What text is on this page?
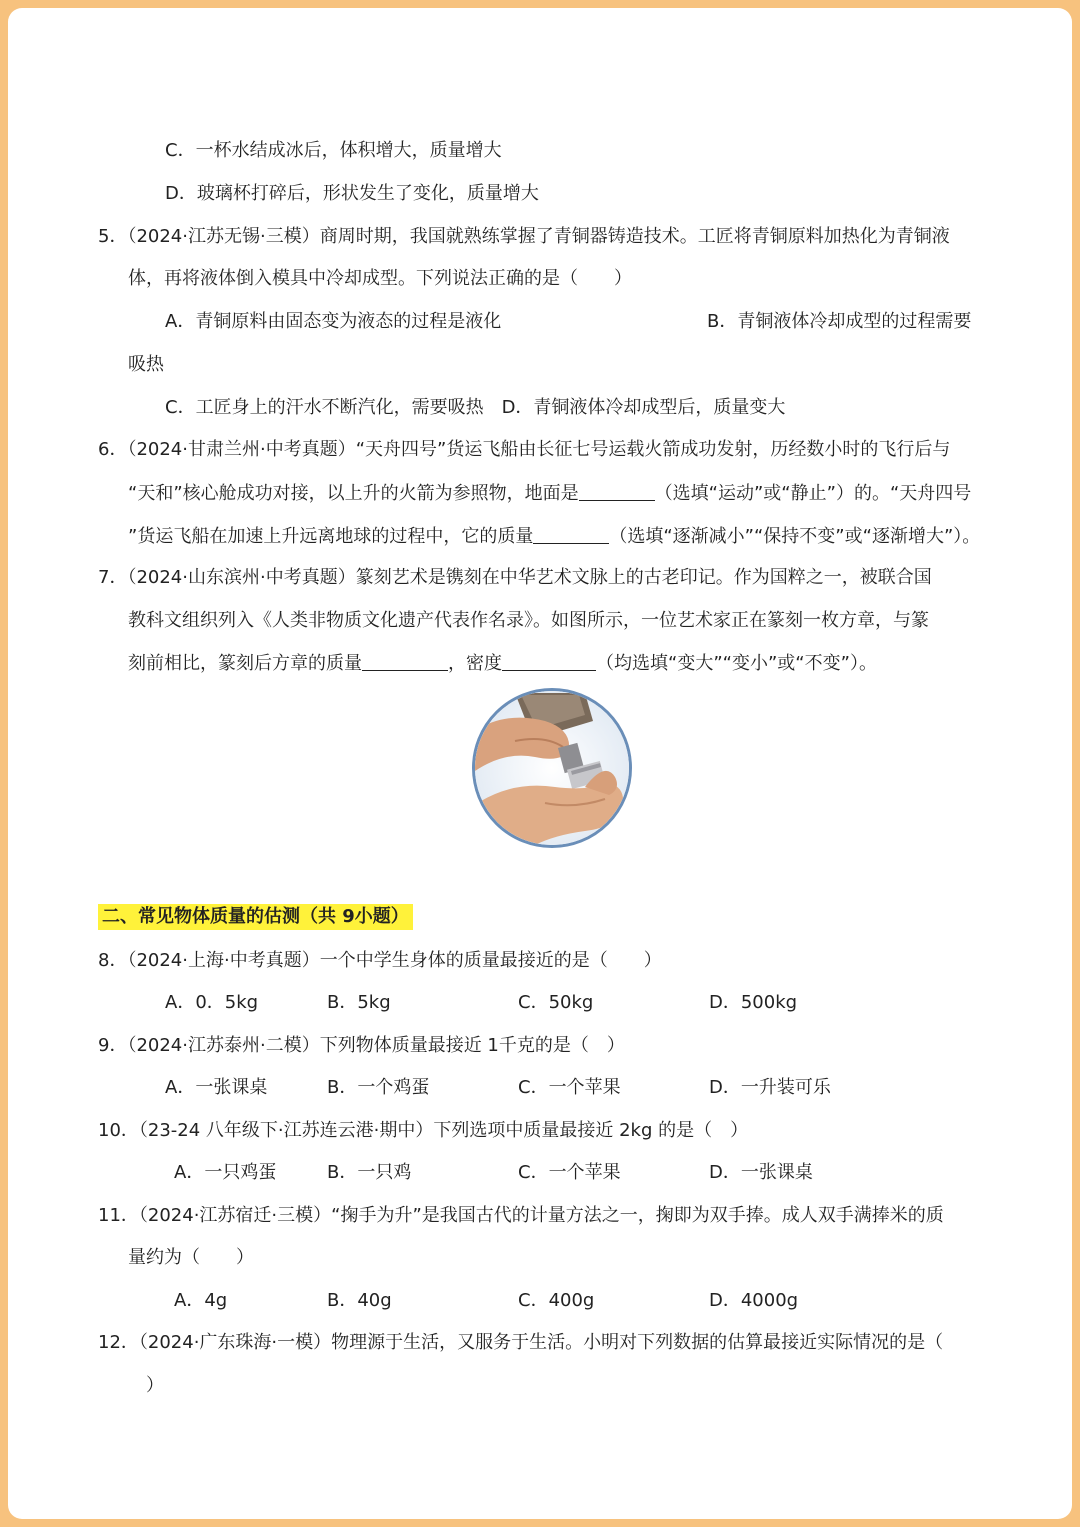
C．一杯水结成冰后，体积增大，质量增大
D．玻璃杯打碎后，形状发生了变化，质量增大
5．（2024·江苏无锡·三模）商周时期，我国就熟练掌握了青铜器铸造技术。工匠将青铜原料加热化为青铜液
体，再将液体倒入模具中冷却成型。下列说法正确的是（　　）
A．青铜原料由固态变为液态的过程是液化	B．青铜液体冷却成型的过程需要
吸热
C．工匠身上的汗水不断汽化，需要吸热　D．青铜液体冷却成型后，质量变大
6．（2024·甘肃兰州·中考真题）“天舟四号”货运飞船由长征七号运载火箭成功发射，历经数小时的飞行后与
“天和”核心舱成功对接，以上升的火箭为参照物，地面是	（选填“运动”或“静止”）的。“天舟四号
”货运飞船在加速上升远离地球的过程中，它的质量	（选填“逐渐减小”“保持不变”或“逐渐增大”）。
7．（2024·山东滨州·中考真题）篆刻艺术是镌刻在中华艺术文脉上的古老印记。作为国粹之一，被联合国
教科文组织列入《人类非物质文化遗产代表作名录》。如图所示，一位艺术家正在篆刻一枚方章，与篆
刻前相比，篆刻后方章的质量	，密度	（均选填“变大”“变小”或“不变”）。
二、常见物体质量的估测（共 9小题）
8．（2024·上海·中考真题）一个中学生身体的质量最接近的是（　　）
A．0．5kg	B．5kg	C．50kg	D．500kg
9．（2024·江苏泰州·二模）下列物体质量最接近 1千克的是（　）
A．一张课桌	B．一个鸡蛋	C．一个苹果	D．一升装可乐
10．（23-24 八年级下·江苏连云港·期中）下列选项中质量最接近 2kg 的是（　）
A．一只鸡蛋	B．一只鸡	C．一个苹果	D．一张课桌
11．（2024·江苏宿迁·三模）“掬手为升”是我国古代的计量方法之一，掬即为双手捧。成人双手满捧米的质
量约为（　　）
A．4g	B．40g	C．400g	D．4000g
12．（2024·广东珠海·一模）物理源于生活，又服务于生活。小明对下列数据的估算最接近实际情况的是（
）
